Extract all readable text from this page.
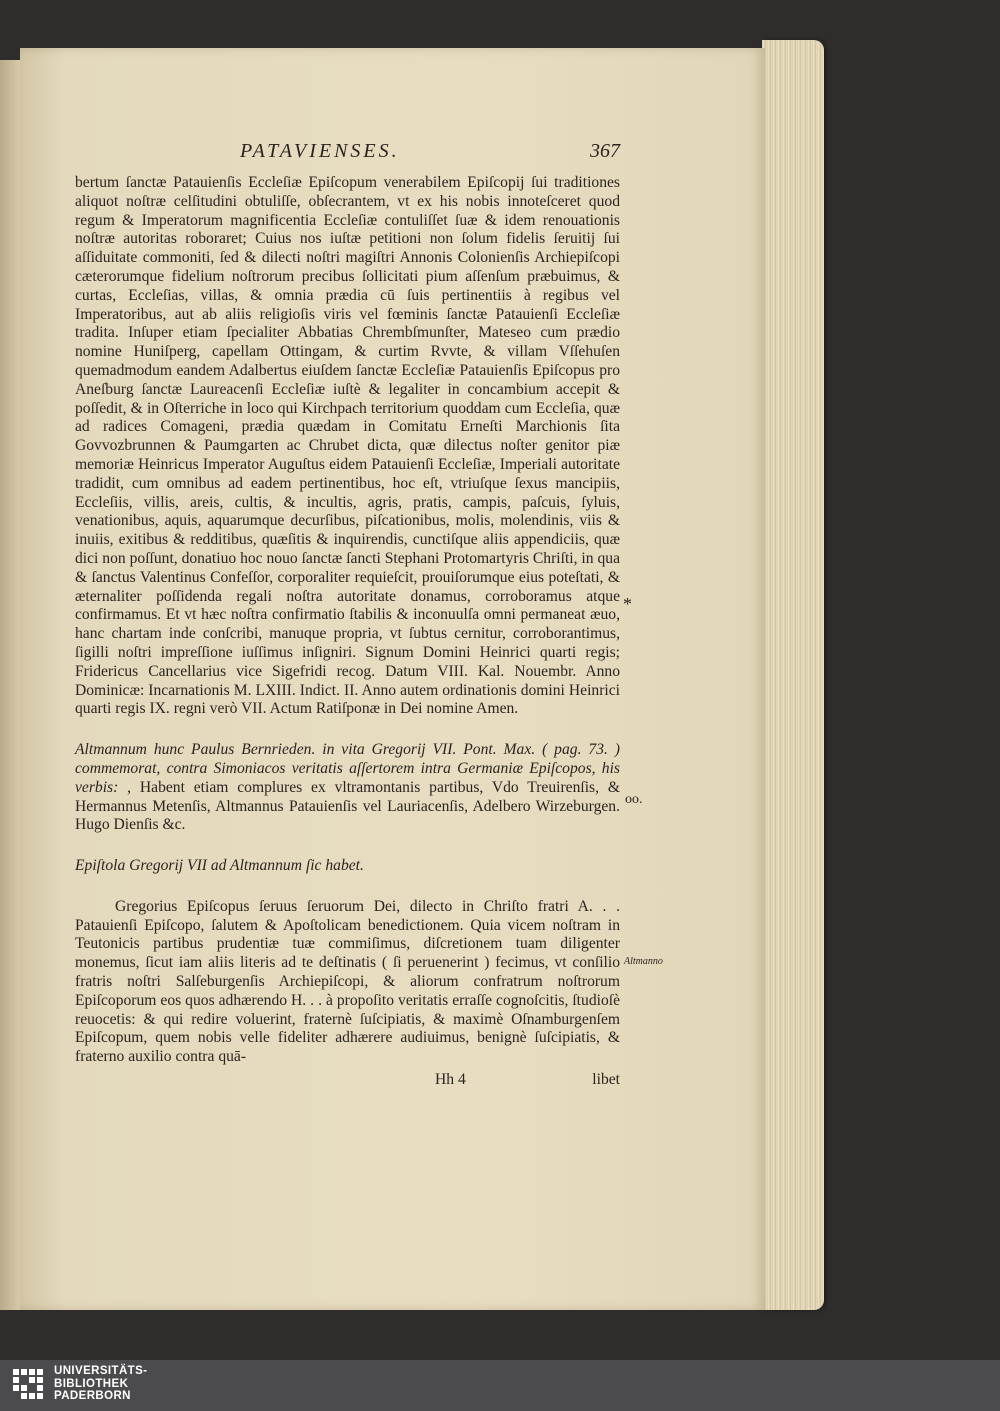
PATAVIENSES.	367

bertum ſanctæ Patauienſis Eccleſiæ Epiſcopum venerabilem Epiſcopij ſui traditiones aliquot noſtræ celſitudini obtuliſſe, obſecrantem, vt ex his nobis innoteſceret quod regum & Imperatorum magnificentia Eccleſiæ contuliſſet ſuæ & idem renouationis noſtræ autoritas roboraret; Cuius nos iuſtæ petitioni non ſolum fidelis ſeruitij ſui aſſiduitate commoniti, ſed & dilecti noſtri magiſtri Annonis Colonienſis Archiepiſcopi cæterorumque fidelium noſtrorum precibus ſollicitati pium aſſenſum præbuimus, & curtas, Eccleſias, villas, & omnia prædia cū ſuis pertinentiis à regibus vel Imperatoribus, aut ab aliis religioſis viris vel fœminis ſanctæ Patauienſi Eccleſiæ tradita. Inſuper etiam ſpecialiter Abbatias Chrembſmunſter, Mateseo cum prædio nomine Huniſperg, capellam Ottingam, & curtim Rvvte, & villam Vſſehuſen quemadmodum eandem Adalbertus eiuſdem ſanctæ Eccleſiæ Patauienſis Epiſcopus pro Aneſburg ſanctæ Laureacenſi Eccleſiæ iuſtè & legaliter in concambium accepit & poſſedit, & in Oſterriche in loco qui Kirchpach territorium quoddam cum Eccleſia, quæ ad radices Comageni, prædia quædam in Comitatu Erneſti Marchionis ſita Govvozbrunnen & Paumgarten ac Chrubet dicta, quæ dilectus noſter genitor piæ memoriæ Heinricus Imperator Auguſtus eidem Patauienſi Eccleſiæ, Imperiali autoritate tradidit, cum omnibus ad eadem pertinentibus, hoc eſt, vtriuſque ſexus mancipiis, Eccleſiis, villis, areis, cultis, & incultis, agris, pratis, campis, paſcuis, ſyluis, venationibus, aquis, aquarumque decurſibus, piſcationibus, molis, molendinis, viis & inuiis, exitibus & redditibus, quæſitis & inquirendis, cunctiſque aliis appendiciis, quæ dici non poſſunt, donatiuo hoc nouo ſanctæ ſancti Stephani Protomartyris Chriſti, in qua & ſanctus Valentinus Confeſſor, corporaliter requieſcit, prouiſorumque eius poteſtati, & æternaliter poſſidenda regali noſtra autoritate donamus, corroboramus atque confirmamus. Et vt hæc noſtra confirmatio ſtabilis & inconuulſa omni permaneat æuo, hanc chartam inde conſcribi, manuque propria, vt ſubtus cernitur, corroborantimus, ſigilli noſtri impreſſione iuſſimus inſigniri. Signum Domini Heinrici quarti regis; Fridericus Cancellarius vice Sigefridi recog. Datum VIII. Kal. Nouembr. Anno Dominicæ: Incarnationis M. LXIII. Indict. II. Anno autem ordinationis domini Heinrici quarti regis IX. regni verò VII. Actum Ratiſponæ in Dei nomine Amen.

Altmannum hunc Paulus Bernrieden. in vita Gregorij VII. Pont. Max. ( pag. 73. ) commemorat, contra Simoniacos veritatis aſſertorem intra Germaniæ Epiſcopos, his verbis: , Habent etiam complures ex vltramontanis partibus, Vdo Treuirenſis, & Hermannus Metenſis, Altmannus Patauienſis vel Lauriacenſis, Adelbero Wirzeburgen. Hugo Dienſis &c.

Epiſtola Gregorij VII ad Altmannum ſic habet.

Gregorius Epiſcopus ſeruus ſeruorum Dei, dilecto in Chriſto fratri A. . . Patauienſi Epiſcopo, ſalutem & Apoſtolicam benedictionem. Quia vicem noſtram in Teutonicis partibus prudentiæ tuæ commiſimus, diſcretionem tuam diligenter monemus, ſicut iam aliis literis ad te deſtinatis ( ſi peruenerint ) fecimus, vt conſilio fratris noſtri Salſeburgenſis Archiepiſcopi, & aliorum confratrum noſtrorum Epiſcoporum eos quos adhærendo H. . . à propoſito veritatis erraſſe cognoſcitis, ſtudioſè reuocetis: & qui redire voluerint, fraternè ſuſcipiatis, & maximè Oſnamburgenſem Epiſcopum, quem nobis velle fideliter adhærere audiuimus, benignè ſuſcipiatis, & fraterno auxilio contra quā-

Hh 4	libet
*
oo.
Altmanno
UNIVERSITÄTS-
BIBLIOTHEK
PADERBORN
